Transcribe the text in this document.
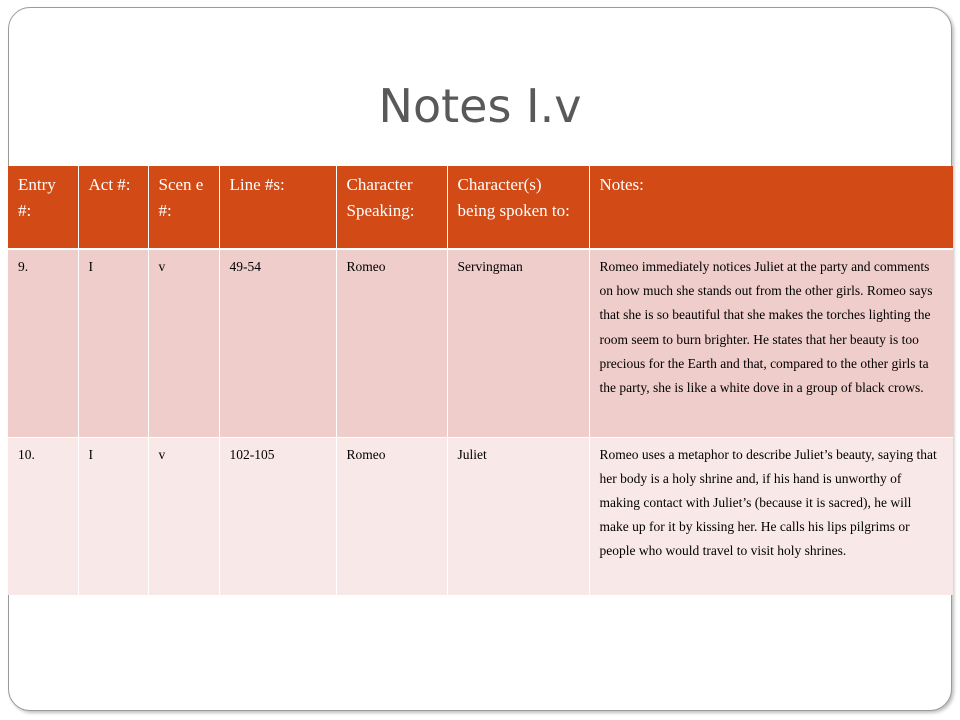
Notes I.v
Entry #:	Act #:	Scen e #:	Line #s:	Character Speaking:	Character(s) being spoken to:	Notes:
9.	I	v	49-54	Romeo	Servingman	Romeo immediately notices Juliet at the party and comments on how much she stands out from the other girls. Romeo says that she is so beautiful that she makes the torches lighting the room seem to burn brighter. He states that her beauty is too precious for the Earth and that, compared to the other girls ta the party, she is like a white dove in a group of black crows.
10.	I	v	102-105	Romeo	Juliet	Romeo uses a metaphor to describe Juliet’s beauty, saying that her body is a holy shrine and, if his hand is unworthy of making contact with Juliet’s (because it is sacred), he will make up for it by kissing her. He calls his lips pilgrims or people who would travel to visit holy shrines.
